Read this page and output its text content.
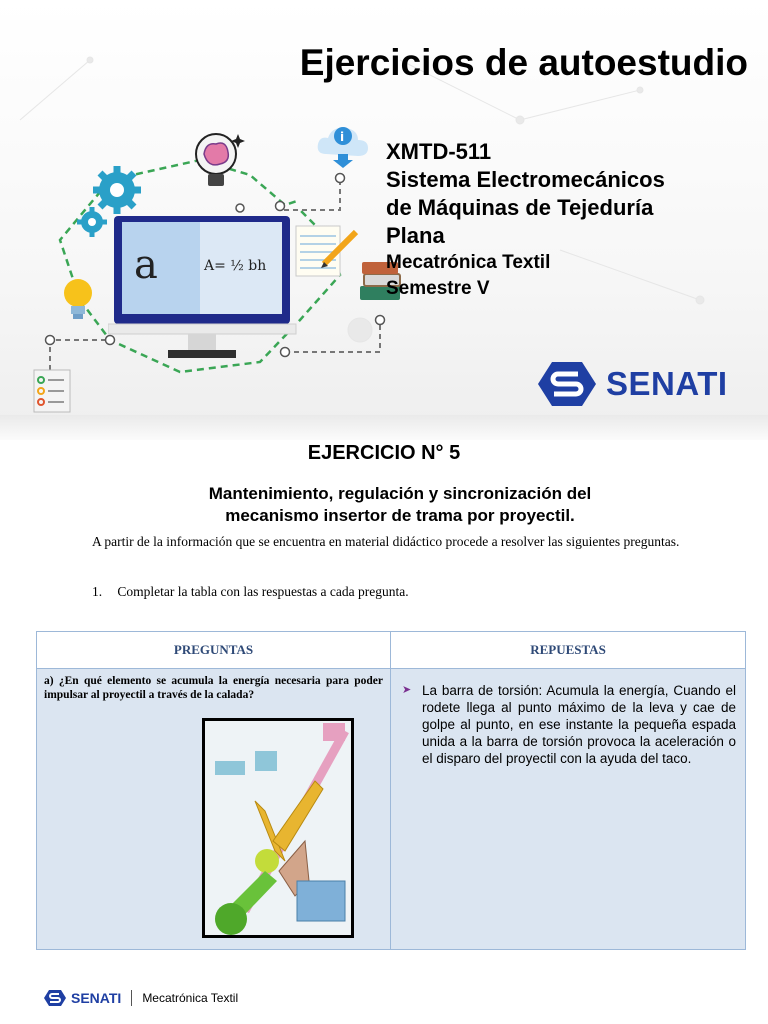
a	A= ½ bh
i
Ejercicios de autoestudio
XMTD-511
Sistema Electromecánicos
de Máquinas de Tejeduría
Plana
Mecatrónica Textil
Semestre V
SENATI
EJERCICIO N° 5
Mantenimiento, regulación y sincronización del
mecanismo insertor de trama por proyectil.
A partir de la información que se encuentra en material didáctico procede a resolver las siguientes preguntas.
1. Completar la tabla con las respuestas a cada pregunta.
PREGUNTAS	REPUESTAS

a) ¿En qué elemento se acumula la energía necesaria para poder impulsar al proyectil a través de la calada?	➤ La barra de torsión: Acumula la energía, Cuando el rodete llega al punto máximo de la leva y cae de golpe al punto, en ese instante la pequeña espada unida a la barra de torsión provoca la aceleración o el disparo del proyectil con la ayuda del taco.
SENATI Mecatrónica Textil
